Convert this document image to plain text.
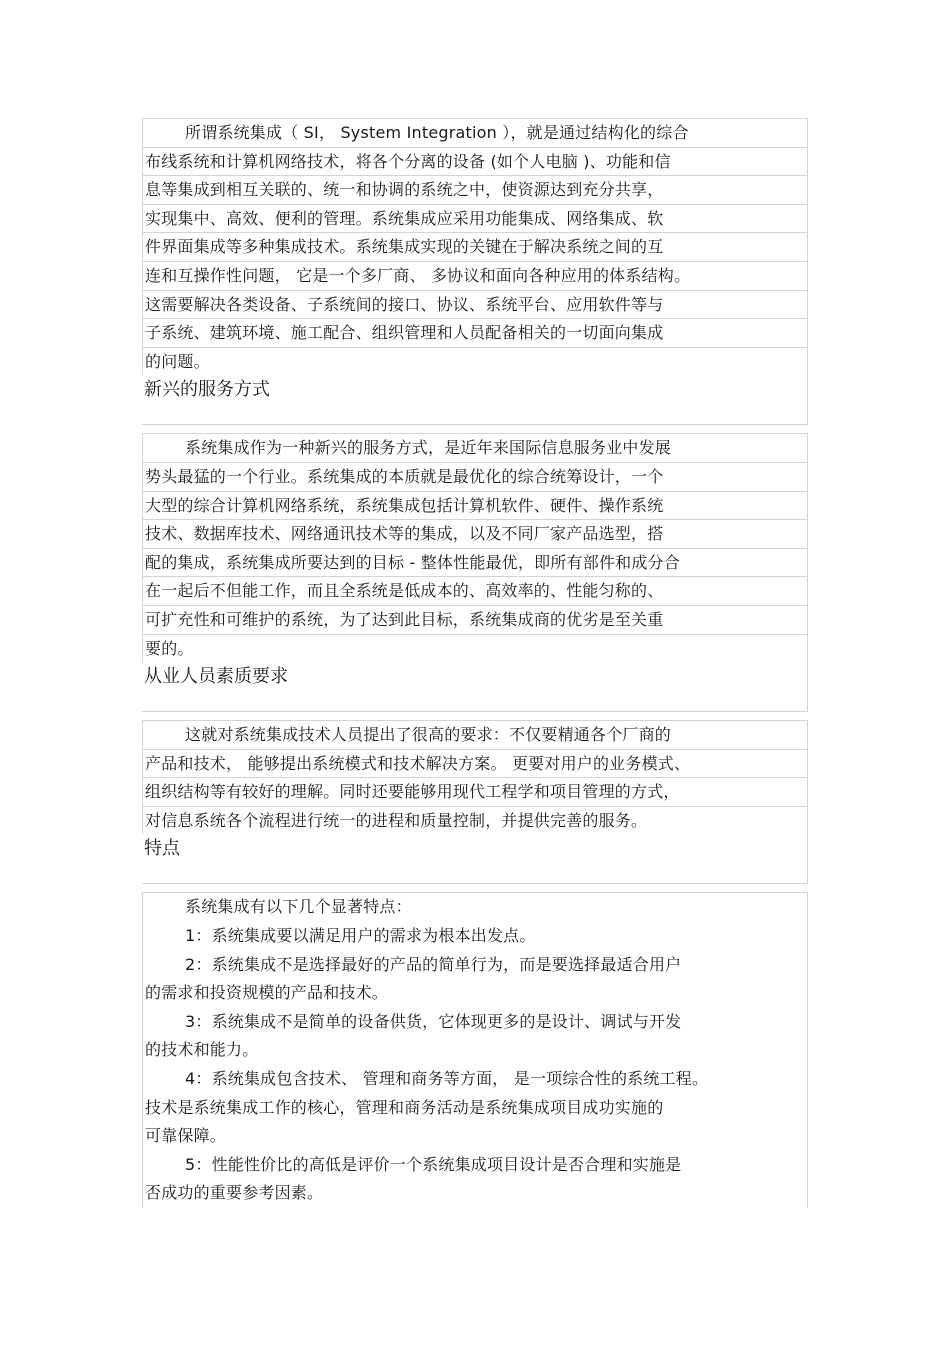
所谓系统集成（ SI， System Integration ），就是通过结构化的综合
布线系统和计算机网络技术，将各个分离的设备 (如个人电脑 )、功能和信
息等集成到相互关联的、统一和协调的系统之中，使资源达到充分共享，
实现集中、高效、便利的管理。系统集成应采用功能集成、网络集成、软
件界面集成等多种集成技术。系统集成实现的关键在于解决系统之间的互
连和互操作性问题， 它是一个多厂商、 多协议和面向各种应用的体系结构。
这需要解决各类设备、子系统间的接口、协议、系统平台、应用软件等与
子系统、建筑环境、施工配合、组织管理和人员配备相关的一切面向集成
的问题。
新兴的服务方式
系统集成作为一种新兴的服务方式，是近年来国际信息服务业中发展
势头最猛的一个行业。系统集成的本质就是最优化的综合统筹设计，一个
大型的综合计算机网络系统，系统集成包括计算机软件、硬件、操作系统
技术、数据库技术、网络通讯技术等的集成，以及不同厂家产品选型，搭
配的集成，系统集成所要达到的目标 - 整体性能最优，即所有部件和成分合
在一起后不但能工作，而且全系统是低成本的、高效率的、性能匀称的、
可扩充性和可维护的系统，为了达到此目标，系统集成商的优劣是至关重
要的。
从业人员素质要求
这就对系统集成技术人员提出了很高的要求：不仅要精通各个厂商的
产品和技术， 能够提出系统模式和技术解决方案。 更要对用户的业务模式、
组织结构等有较好的理解。同时还要能够用现代工程学和项目管理的方式，
对信息系统各个流程进行统一的进程和质量控制，并提供完善的服务。
特点
系统集成有以下几个显著特点：
1：系统集成要以满足用户的需求为根本出发点。
2：系统集成不是选择最好的产品的简单行为，而是要选择最适合用户
的需求和投资规模的产品和技术。
3：系统集成不是简单的设备供货，它体现更多的是设计、调试与开发
的技术和能力。
4：系统集成包含技术、 管理和商务等方面， 是一项综合性的系统工程。
技术是系统集成工作的核心，管理和商务活动是系统集成项目成功实施的
可靠保障。
5：性能性价比的高低是评价一个系统集成项目设计是否合理和实施是
否成功的重要参考因素。
